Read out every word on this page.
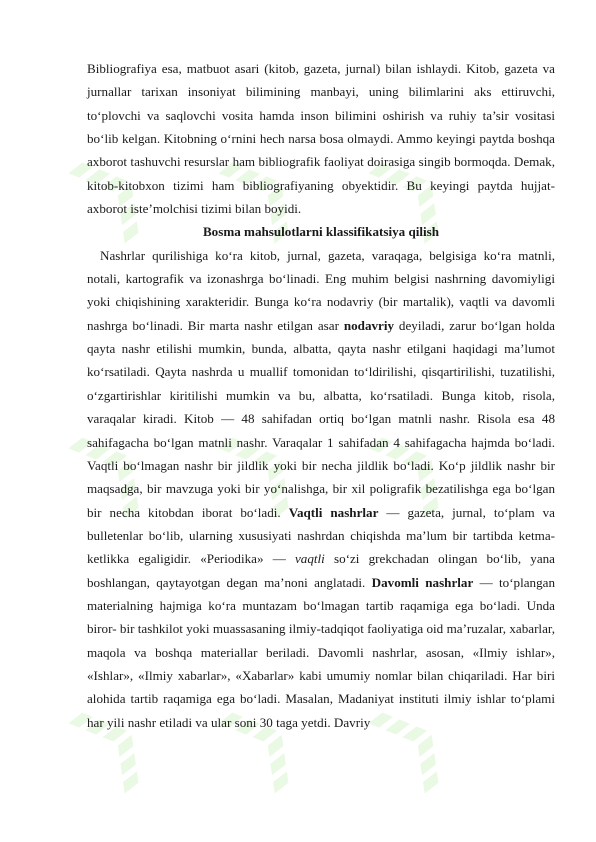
Bibliografiya esa, matbuot asari (kitob, gazeta, jurnal) bilan ishlaydi. Kitob, gazeta va jurnallar tarixan insoniyat bilimining manbayi, uning bilimlarini aks ettiruvchi, to‘plovchi va saqlovchi vosita hamda inson bilimini oshirish va ruhiy ta’sir vositasi bo‘lib kelgan. Kitobning o‘rnini hech narsa bosa olmaydi. Ammo keyingi paytda boshqa axborot tashuvchi resurslar ham bibliografik faoliyat doirasiga singib bormoqda. Demak, kitob-kitobxon tizimi ham bibliografiyaning obyektidir. Bu keyingi paytda hujjat-axborot iste’molchisi tizimi bilan boyidi.

Bosma mahsulotlarni klassifikatsiya qilish

Nashrlar qurilishiga ko‘ra kitob, jurnal, gazeta, varaqaga, belgisiga ko‘ra matnli, notali, kartografik va izonashrga bo‘linadi. Eng muhim belgisi nashrning davomiyligi yoki chiqishining xarakteridir. Bunga ko‘ra nodavriy (bir martalik), vaqtli va davomli nashrga bo‘linadi. Bir marta nashr etilgan asar nodavriy deyiladi, zarur bo‘lgan holda qayta nashr etilishi mumkin, bunda, albatta, qayta nashr etilgani haqidagi ma’lumot ko‘rsatiladi. Qayta nashrda u muallif tomonidan to‘ldirilishi, qisqartirilishi, tuzatilishi, o‘zgartirishlar kiritilishi mumkin va bu, albatta, ko‘rsatiladi. Bunga kitob, risola, varaqalar kiradi. Kitob — 48 sahifadan ortiq bo‘lgan matnli nashr. Risola esa 48 sahifagacha bo‘lgan matnli nashr. Varaqalar 1 sahifadan 4 sahifagacha hajmda bo‘ladi. Vaqtli bo‘lmagan nashr bir jildlik yoki bir necha jildlik bo‘ladi. Ko‘p jildlik nashr bir maqsadga, bir mavzuga yoki bir yo‘nalishga, bir xil poligrafik bezatilishga ega bo‘lgan bir necha kitobdan iborat bo‘ladi. Vaqtli nashrlar — gazeta, jurnal, to‘plam va bulletenlar bo‘lib, ularning xususiyati nashrdan chiqishda ma’lum bir tartibda ketma-ketlikka egaligidir. «Periodika» — vaqtli so‘zi grekchadan olingan bo‘lib, yana boshlangan, qaytayotgan degan ma’noni anglatadi. Davomli nashrlar — to‘plangan materialning hajmiga ko‘ra muntazam bo‘lmagan tartib raqamiga ega bo‘ladi. Unda biror- bir tashkilot yoki muassasaning ilmiy-tadqiqot faoliyatiga oid ma’ruzalar, xabarlar, maqola va boshqa materiallar beriladi. Davomli nashrlar, asosan, «Ilmiy ishlar», «Ishlar», «Ilmiy xabarlar», «Xabarlar» kabi umumiy nomlar bilan chiqariladi. Har biri alohida tartib raqamiga ega bo‘ladi. Masalan, Madaniyat instituti ilmiy ishlar to‘plami har yili nashr etiladi va ular soni 30 taga yetdi. Davriy
